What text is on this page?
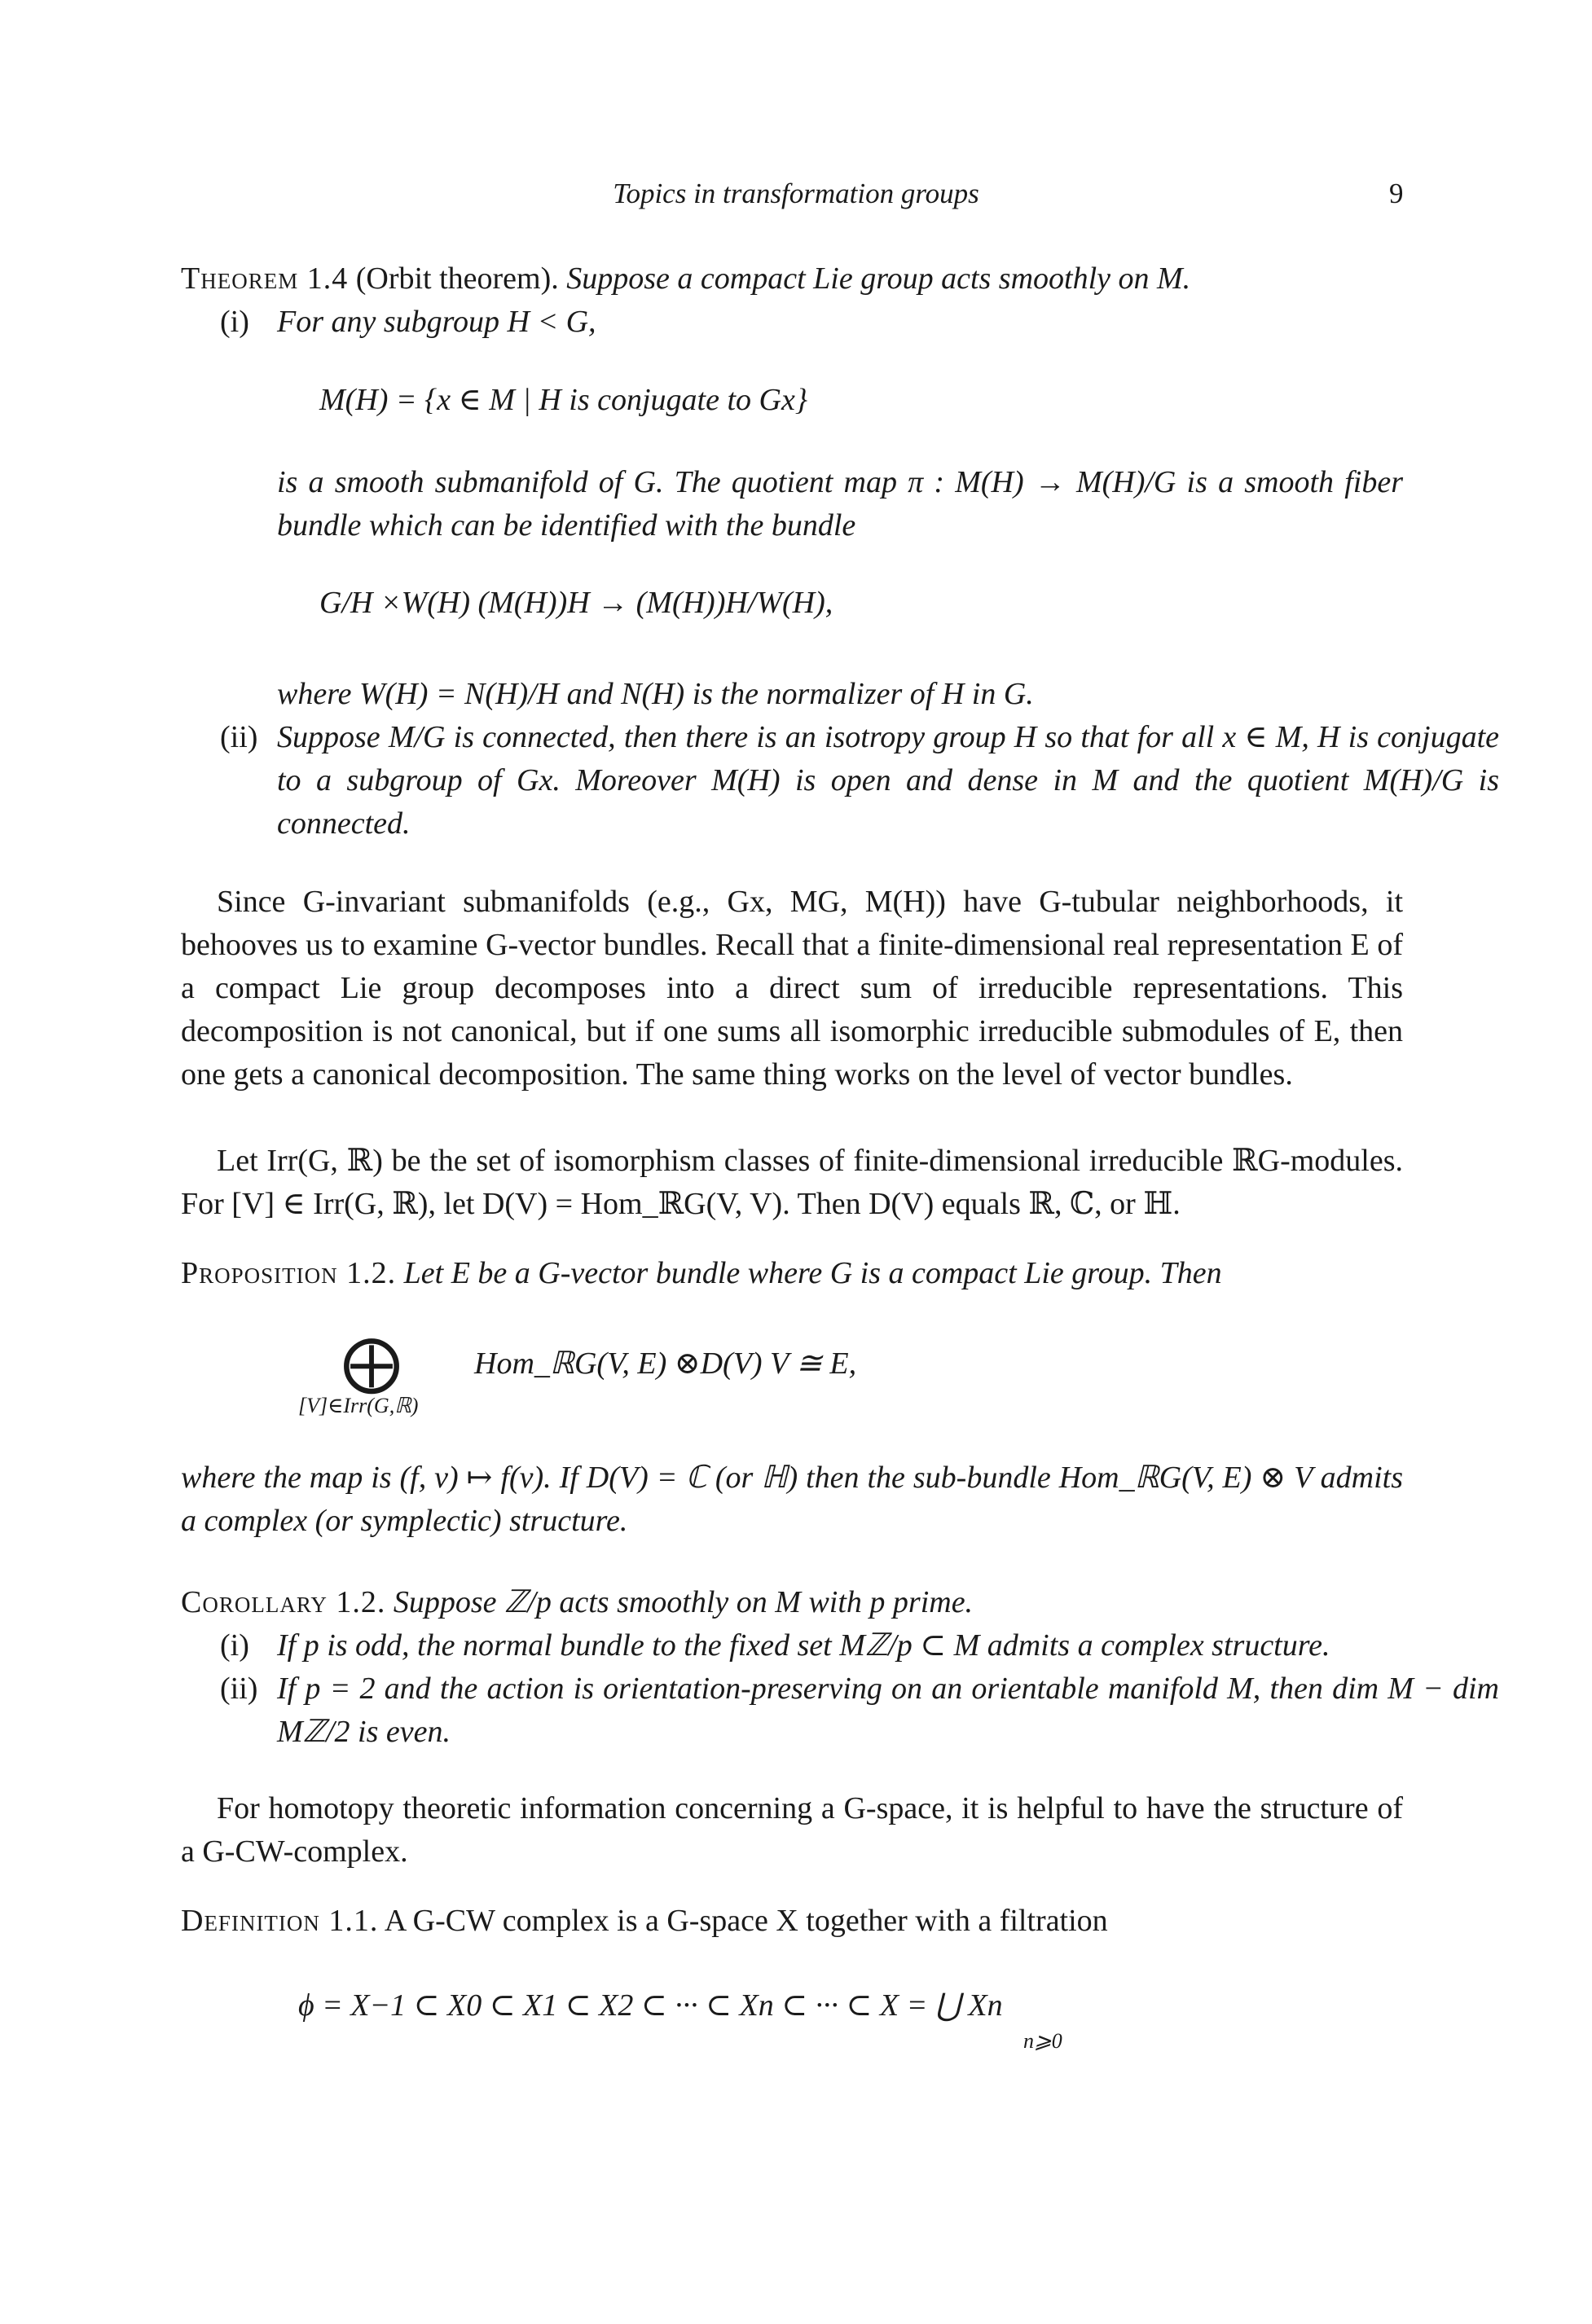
Topics in transformation groups	9
Theorem 1.4 (Orbit theorem). Suppose a compact Lie group acts smoothly on M.
(i) For any subgroup H < G,
M(H) = {x ∈ M | H is conjugate to Gx}
is a smooth submanifold of G. The quotient map π : M(H) → M(H)/G is a smooth fiber bundle which can be identified with the bundle
G/H ×W(H) (M(H))H → (M(H))H/W(H),
where W(H) = N(H)/H and N(H) is the normalizer of H in G.
(ii) Suppose M/G is connected, then there is an isotropy group H so that for all x ∈ M, H is conjugate to a subgroup of Gx. Moreover M(H) is open and dense in M and the quotient M(H)/G is connected.
Since G-invariant submanifolds (e.g., Gx, MG, M(H)) have G-tubular neighborhoods, it behooves us to examine G-vector bundles. Recall that a finite-dimensional real representation E of a compact Lie group decomposes into a direct sum of irreducible representations. This decomposition is not canonical, but if one sums all isomorphic irreducible submodules of E, then one gets a canonical decomposition. The same thing works on the level of vector bundles.
Let Irr(G, ℝ) be the set of isomorphism classes of finite-dimensional irreducible ℝG-modules. For [V] ∈ Irr(G, ℝ), let D(V) = Hom_ℝG(V, V). Then D(V) equals ℝ, ℂ, or ℍ.
Proposition 1.2. Let E be a G-vector bundle where G is a compact Lie group. Then
⨁
[V]∈Irr(G,ℝ)
Hom_ℝG(V, E) ⊗D(V) V ≅ E,
where the map is (f, v) ↦ f(v). If D(V) = ℂ (or ℍ) then the sub-bundle Hom_ℝG(V, E) ⊗ V admits a complex (or symplectic) structure.
Corollary 1.2. Suppose ℤ/p acts smoothly on M with p prime.
(i) If p is odd, the normal bundle to the fixed set Mℤ/p ⊂ M admits a complex structure.
(ii) If p = 2 and the action is orientation-preserving on an orientable manifold M, then dim M − dim Mℤ/2 is even.
For homotopy theoretic information concerning a G-space, it is helpful to have the structure of a G-CW-complex.
Definition 1.1. A G-CW complex is a G-space X together with a filtration
ϕ = X−1 ⊂ X0 ⊂ X1 ⊂ X2 ⊂ ··· ⊂ Xn ⊂ ··· ⊂ X = ⋃ Xn
n⩾0
